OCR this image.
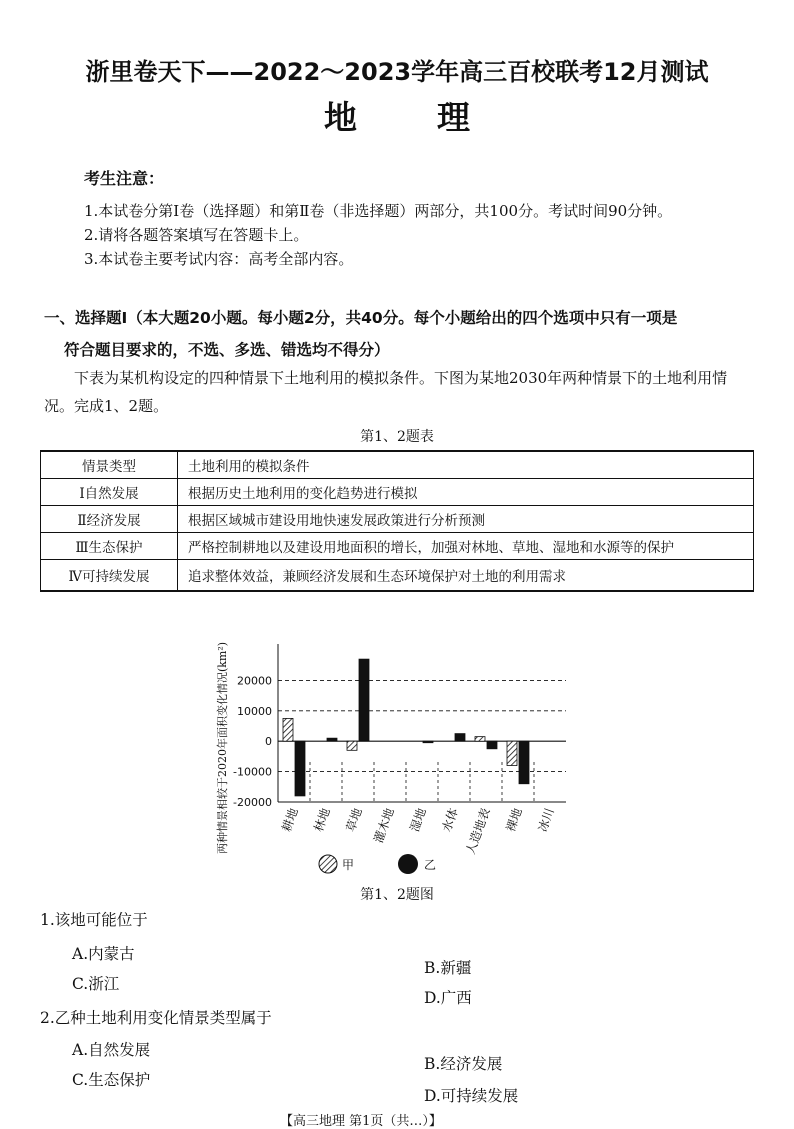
浙里卷天下——2022～2023学年高三百校联考12月测试
地理
考生注意：
1.本试卷分第Ⅰ卷（选择题）和第Ⅱ卷（非选择题）两部分，共100分。考试时间90分钟。
2.请将各题答案填写在答题卡上。
3.本试卷主要考试内容：高考全部内容。
一、选择题Ⅰ（本大题20小题。每小题2分，共40分。每个小题给出的四个选项中只有一项是
符合题目要求的，不选、多选、错选均不得分）
下表为某机构设定的四种情景下土地利用的模拟条件。下图为某地2030年两种情景下的土地利用情况。完成1、2题。
第1、2题表
情景类型	土地利用的模拟条件
Ⅰ自然发展	根据历史土地利用的变化趋势进行模拟
Ⅱ经济发展	根据区域城市建设用地快速发展政策进行分析预测
Ⅲ生态保护	严格控制耕地以及建设用地面积的增长，加强对林地、草地、湿地和水源等的保护
Ⅳ可持续发展	追求整体效益，兼顾经济发展和生态环境保护对土地的利用需求
两种情景相较于2020年面积变化情况(km²) -20000
-10000
0
10000
20000
耕地 林地 草地 灌木地 湿地 水体 人造地表 裸地 冰川
甲	乙
第1、2题图
1.该地可能位于
A.内蒙古
B.新疆
C.浙江
D.广西
2.乙种土地利用变化情景类型属于
A.自然发展
B.经济发展
C.生态保护
D.可持续发展
【高三地理 第1页（共…）】
